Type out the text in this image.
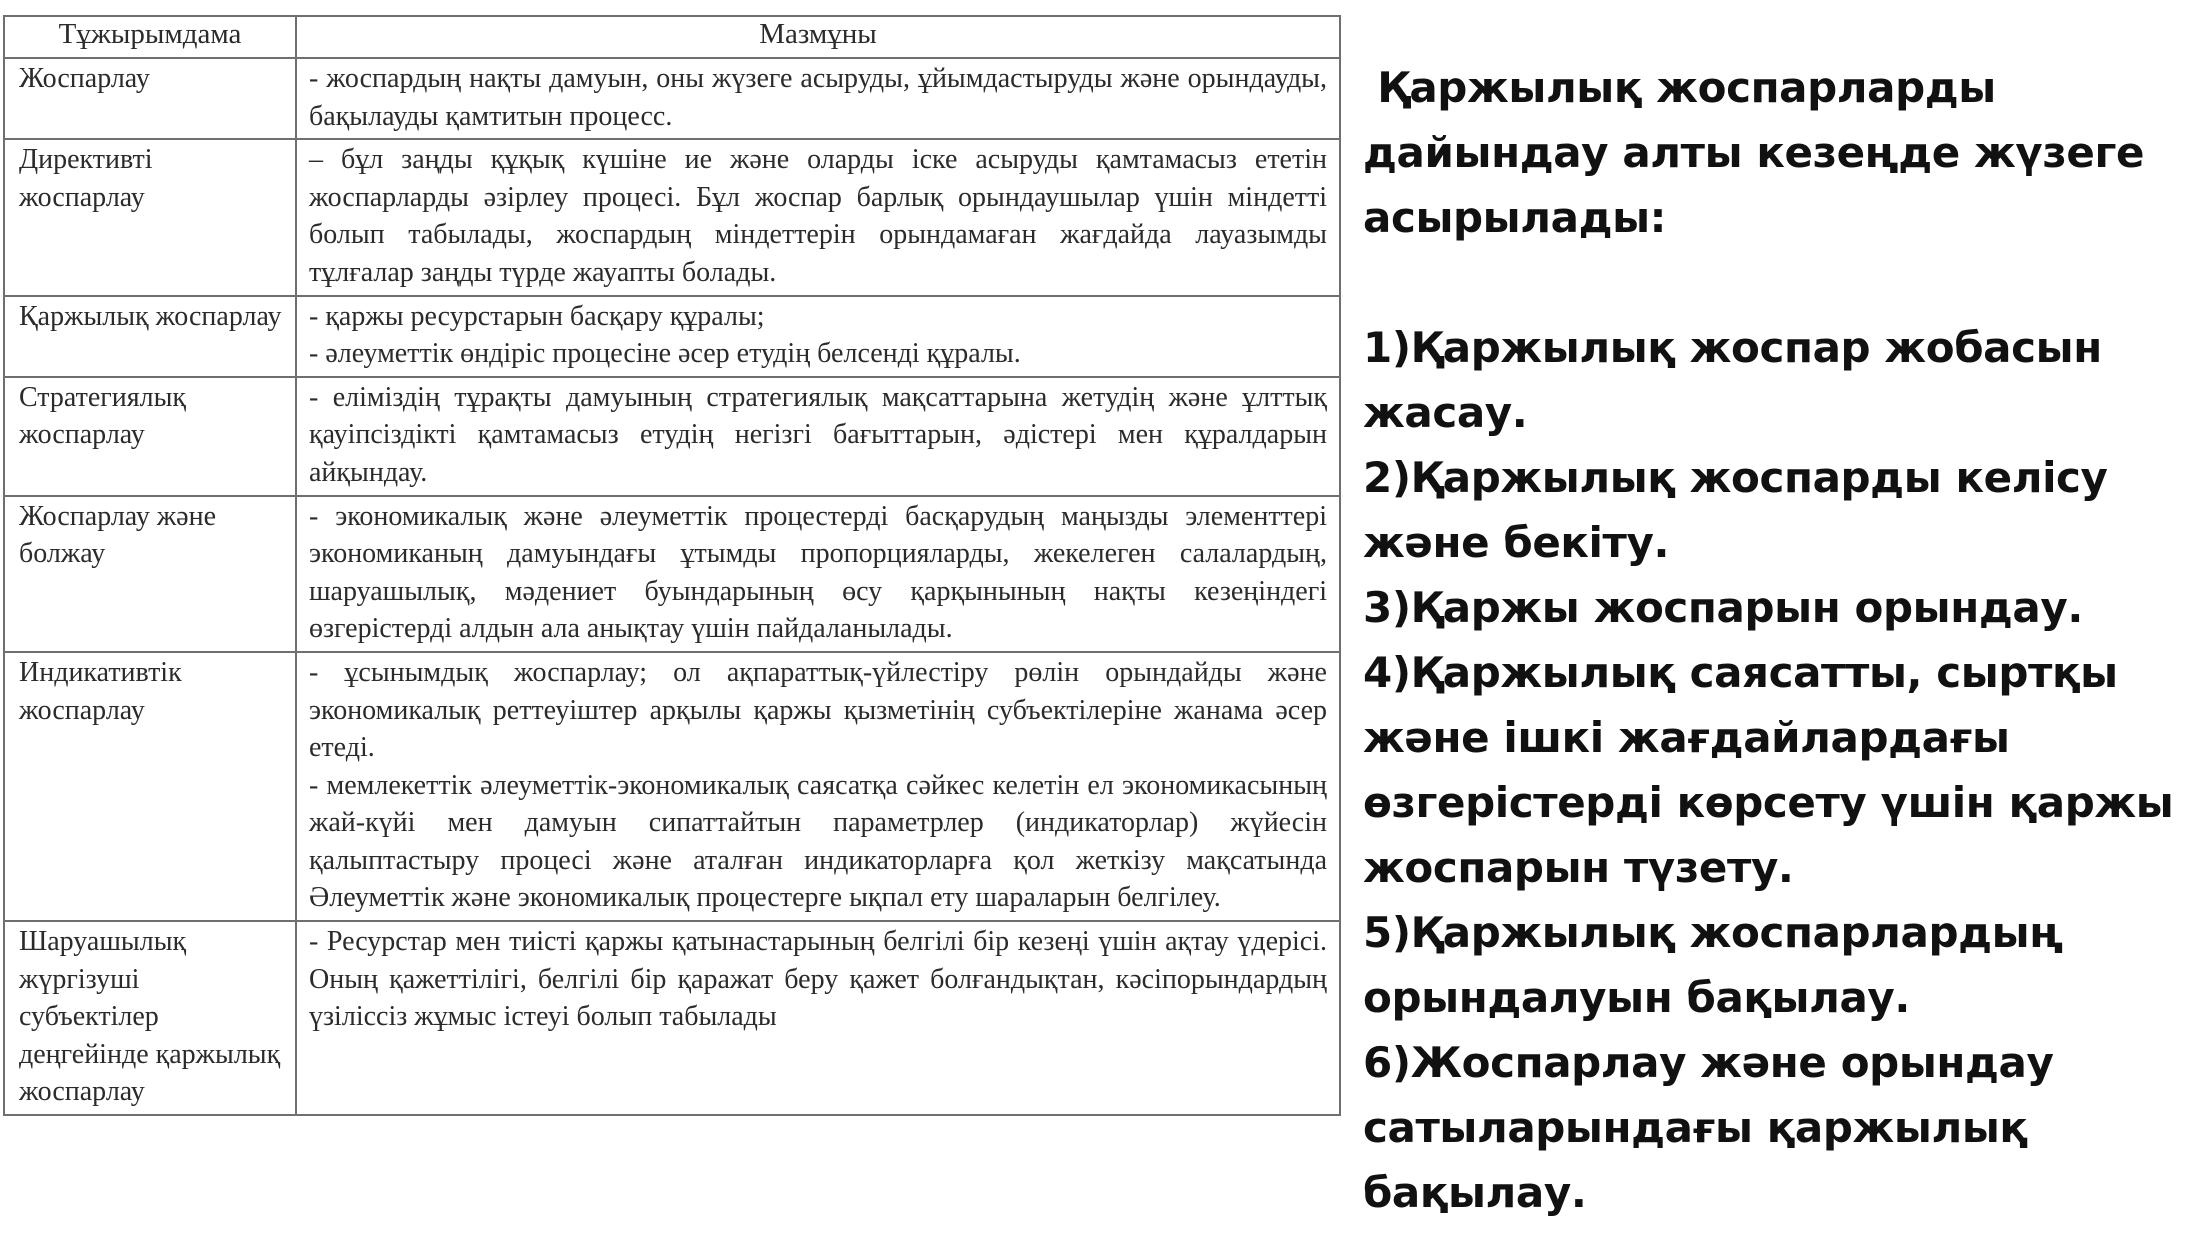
Тұжырымдама	Мазмұны
Жоспарлау	- жоспардың нақты дамуын, оны жүзеге асыруды, ұйымдастыруды және орындауды, бақылауды қамтитын процесс.

Директивті жоспарлау	– бұл заңды құқық күшіне ие және оларды іске асыруды қамтамасыз ететін жоспарларды әзірлеу процесі. Бұл жоспар барлық орындаушылар үшін міндетті болып табылады, жоспардың міндеттерін орындамаған жағдайда лауазымды тұлғалар заңды түрде жауапты болады.

Қаржылық жоспарлау	- қаржы ресурстарын басқару құралы;

- әлеуметтік өндіріс процесіне әсер етудің белсенді құралы.

Стратегиялық жоспарлау	- еліміздің тұрақты дамуының стратегиялық мақсаттарына жетудің және ұлттық қауіпсіздікті қамтамасыз етудің негізгі бағыттарын, әдістері мен құралдарын айқындау.

Жоспарлау және болжау	- экономикалық және әлеуметтік процестерді басқарудың маңызды элементтері экономиканың дамуындағы ұтымды пропорцияларды, жекелеген салалардың, шаруашылық, мәдениет буындарының өсу қарқынының нақты кезеңіндегі өзгерістерді алдын ала анықтау үшін пайдаланылады.

Индикативтік жоспарлау	- ұсынымдық жоспарлау; ол ақпараттық-үйлестіру рөлін орындайды және экономикалық реттеуіштер арқылы қаржы қызметінің субъектілеріне жанама әсер етеді.

- мемлекеттік әлеуметтік-экономикалық саясатқа сәйкес келетін ел экономикасының жай-күйі мен дамуын сипаттайтын параметрлер (индикаторлар) жүйесін қалыптастыру процесі және аталған индикаторларға қол жеткізу мақсатында Әлеуметтік және экономикалық процестерге ықпал ету шараларын белгілеу.

Шаруашылық жүргізуші субъектілер деңгейінде қаржылық жоспарлау	- Ресурстар мен тиісті қаржы қатынастарының белгілі бір кезеңі үшін ақтау үдерісі. Оның қажеттілігі, белгілі бір қаражат беру қажет болғандықтан, кәсіпорындардың үзіліссіз жұмыс істеуі болып табылады

Қаржылық жоспарларды
дайындау алты кезеңде жүзеге
асырылады:
1)Қаржылық жоспар жобасын жасау.
2)Қаржылық жоспарды келісу және бекіту.
3)Қаржы жоспарын орындау.
4)Қаржылық саясатты, сыртқы және ішкі жағдайлардағы өзгерістерді көрсету үшін қаржы жоспарын түзету.
5)Қаржылық жоспарлардың орындалуын бақылау.
6)Жоспарлау және орындау сатыларындағы қаржылық бақылау.
